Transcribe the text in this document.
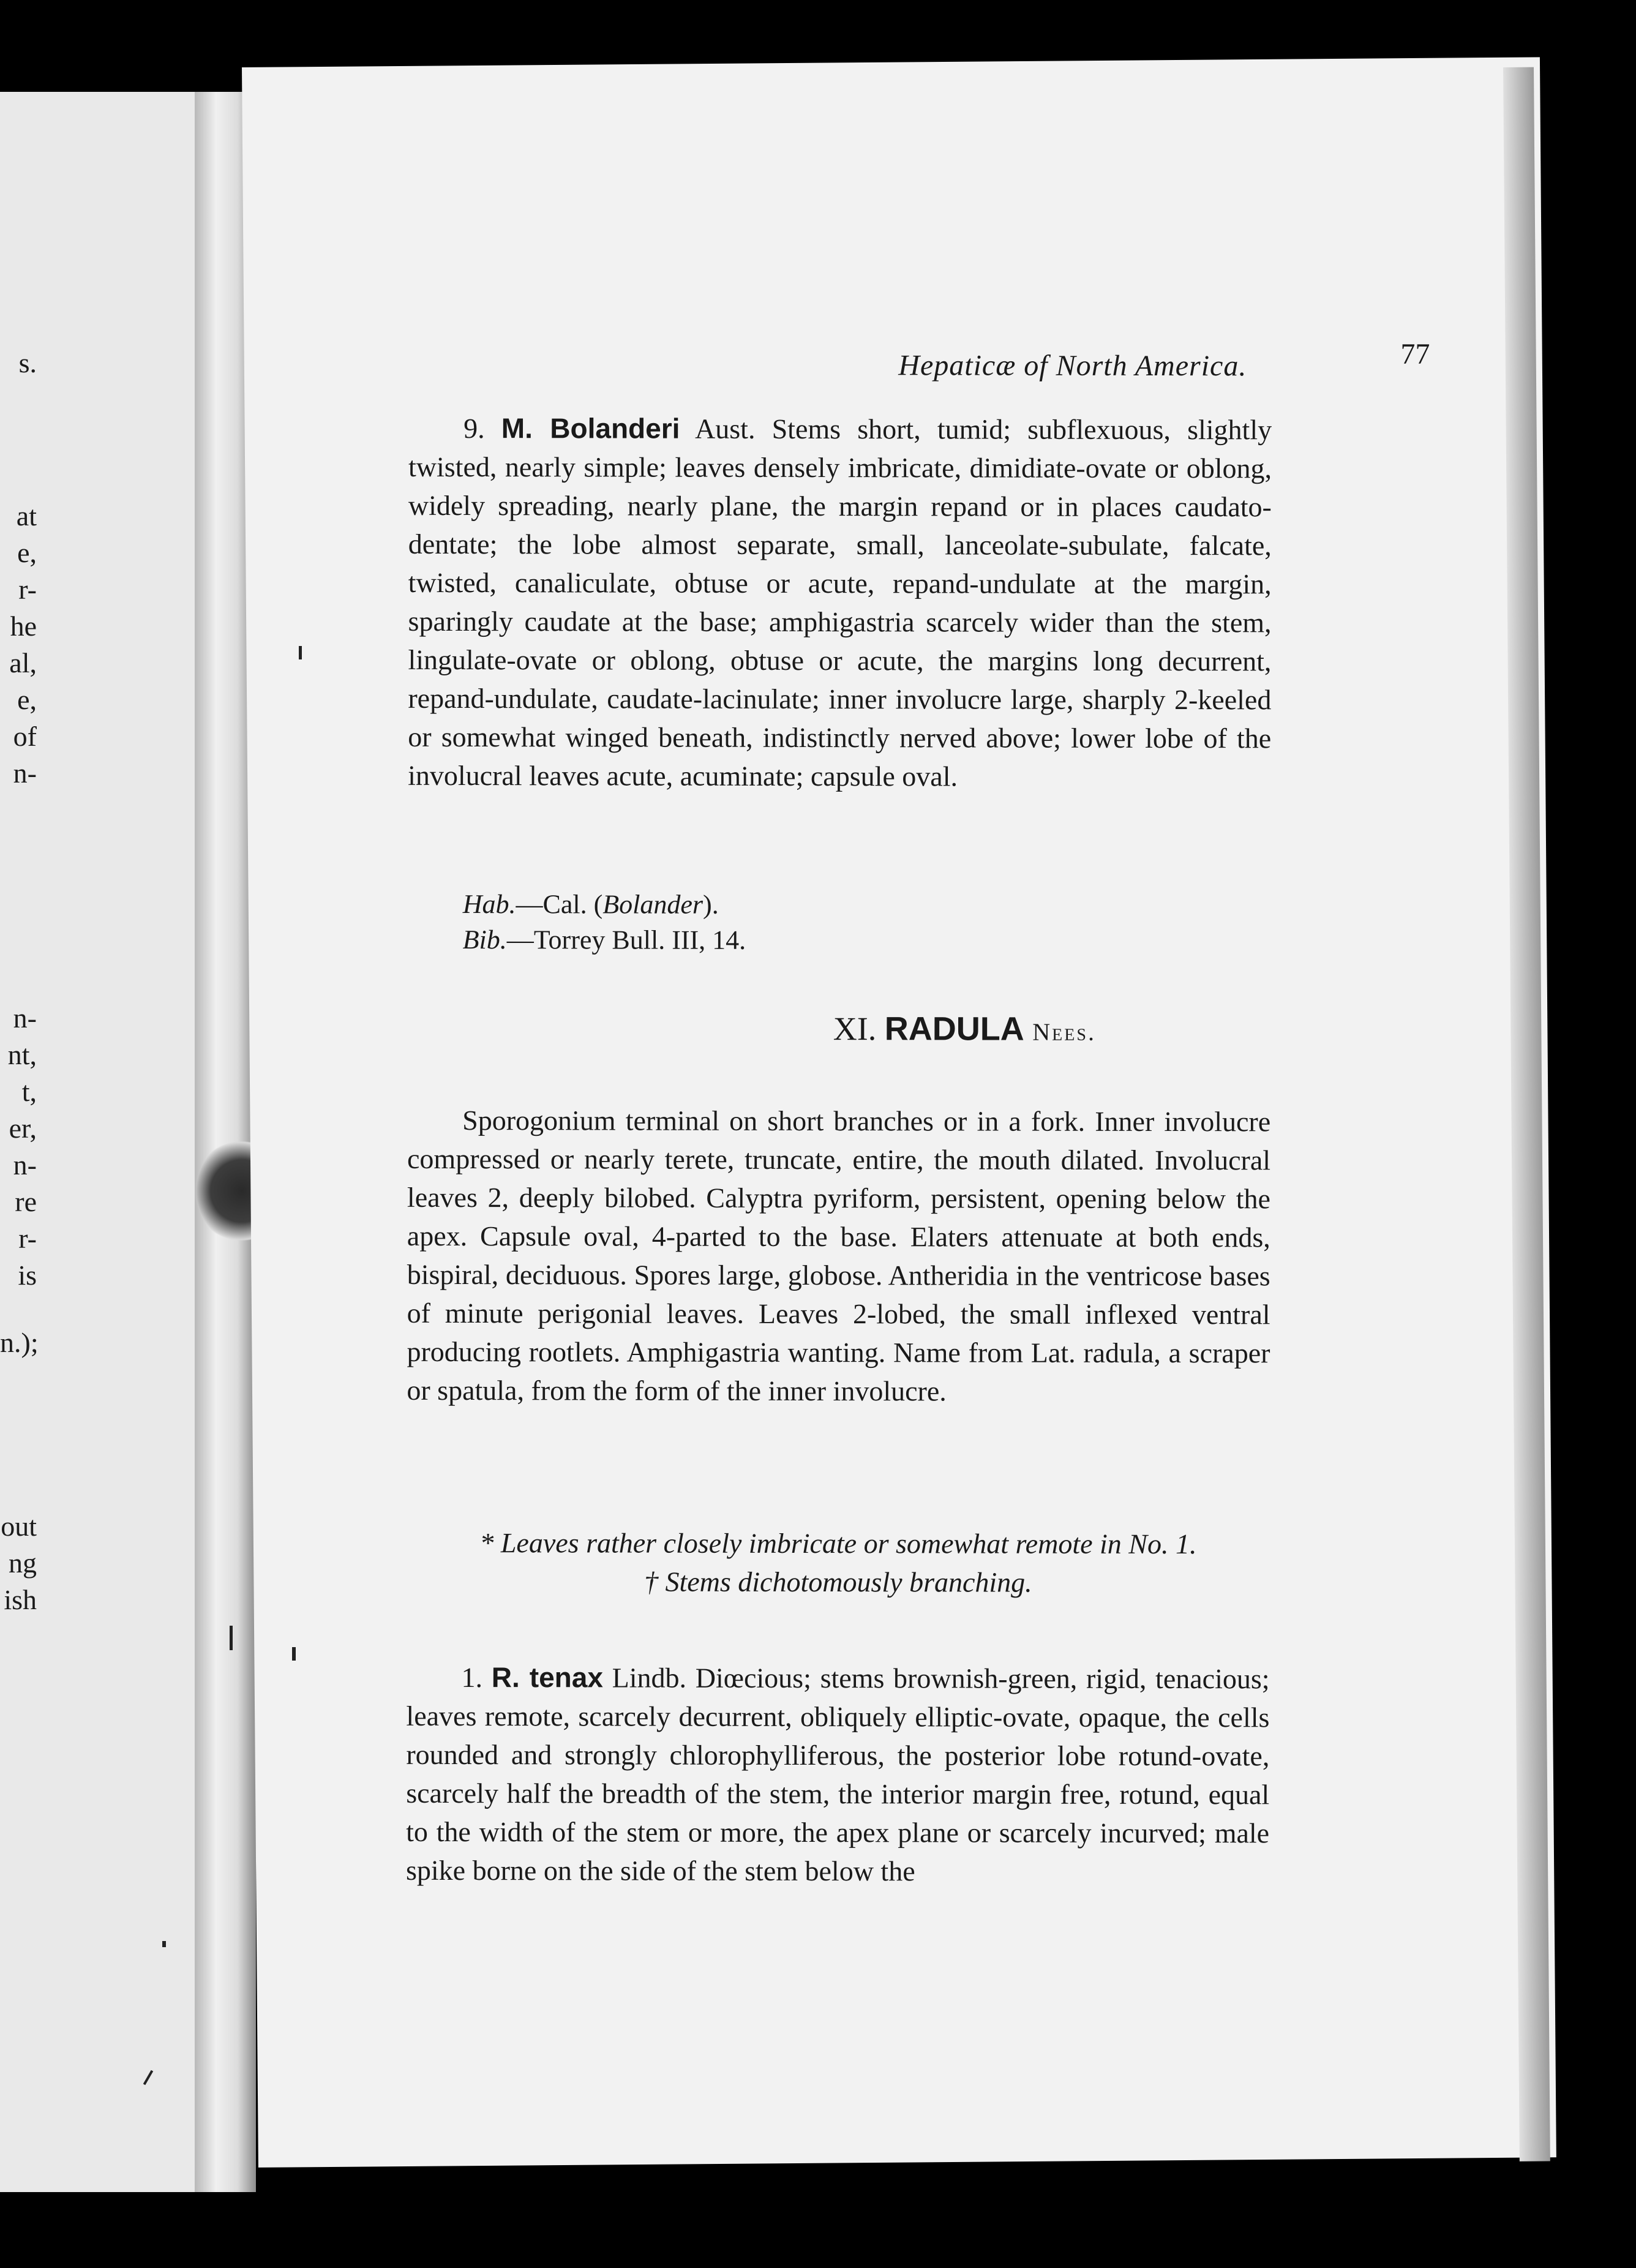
s.
at
e,
r-
he
al,
e,
of
n-
n-
nt,
t,
er,
n-
re
r-
is
n.);
out
ng
ish
Hepaticæ of North America.	77
9. M. Bolanderi Aust. Stems short, tumid; subflexuous, slightly twisted, nearly simple; leaves densely imbricate, dimidiate-ovate or oblong, widely spreading, nearly plane, the margin repand or in places caudato-dentate; the lobe almost separate, small, lanceolate-subulate, falcate, twisted, canaliculate, obtuse or acute, repand-undulate at the margin, sparingly caudate at the base; amphigastria scarcely wider than the stem, lingulate-ovate or oblong, obtuse or acute, the margins long decurrent, repand-undulate, caudate-lacinulate; inner involucre large, sharply 2-keeled or somewhat winged beneath, indistinctly nerved above; lower lobe of the involucral leaves acute, acuminate; capsule oval.
Hab.—Cal. (Bolander).
Bib.—Torrey Bull. III, 14.
XI. RADULA Nees.
Sporogonium terminal on short branches or in a fork. Inner involucre compressed or nearly terete, truncate, entire, the mouth dilated. Involucral leaves 2, deeply bilobed. Calyptra pyriform, persistent, opening below the apex. Capsule oval, 4-parted to the base. Elaters attenuate at both ends, bispiral, deciduous. Spores large, globose. Antheridia in the ventricose bases of minute perigonial leaves. Leaves 2-lobed, the small inflexed ventral producing rootlets. Amphigastria wanting. Name from Lat. radula, a scraper or spatula, from the form of the inner involucre.
* Leaves rather closely imbricate or somewhat remote in No. 1.
† Stems dichotomously branching.
1. R. tenax Lindb. Diœcious; stems brownish-green, rigid, tenacious; leaves remote, scarcely decurrent, obliquely elliptic-ovate, opaque, the cells rounded and strongly chlorophylliferous, the posterior lobe rotund-ovate, scarcely half the breadth of the stem, the interior margin free, rotund, equal to the width of the stem or more, the apex plane or scarcely incurved; male spike borne on the side of the stem below the
